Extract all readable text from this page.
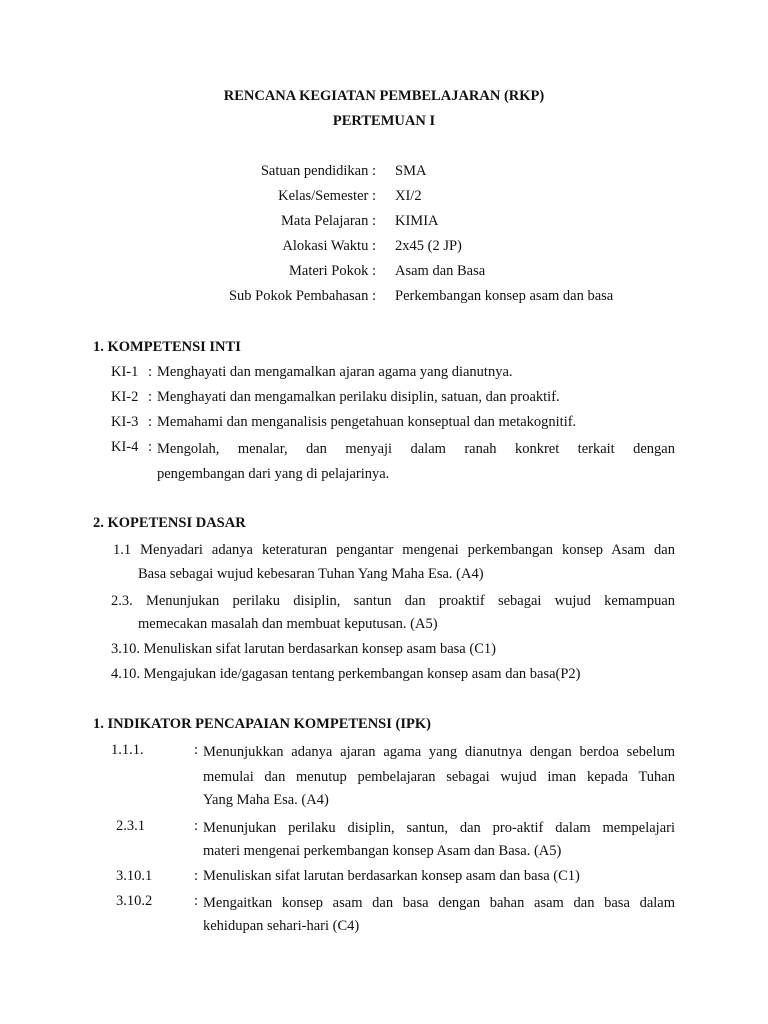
RENCANA KEGIATAN PEMBELAJARAN (RKP)
PERTEMUAN I
Satuan pendidikan : SMA
Kelas/Semester : XI/2
Mata Pelajaran : KIMIA
Alokasi Waktu : 2x45 (2 JP)
Materi Pokok : Asam dan Basa
Sub Pokok Pembahasan : Perkembangan konsep asam dan basa
1. KOMPETENSI INTI
KI-1 : Menghayati dan mengamalkan ajaran agama yang dianutnya.
KI-2 : Menghayati dan mengamalkan perilaku disiplin, satuan, dan proaktif.
KI-3 : Memahami dan menganalisis pengetahuan konseptual dan metakognitif.
KI-4 : Mengolah, menalar, dan menyaji dalam ranah konkret terkait dengan
pengembangan dari yang di pelajarinya.
2. KOPETENSI DASAR
1.1 Menyadari adanya keteraturan pengantar mengenai perkembangan konsep Asam dan
Basa sebagai wujud kebesaran Tuhan Yang Maha Esa. (A4)
2.3. Menunjukan perilaku disiplin, santun dan proaktif sebagai wujud kemampuan
memecakan masalah dan membuat keputusan. (A5)
3.10. Menuliskan sifat larutan berdasarkan konsep asam basa (C1)
4.10. Mengajukan ide/gagasan tentang perkembangan konsep asam dan basa(P2)
1. INDIKATOR PENCAPAIAN KOMPETENSI (IPK)
1.1.1.	: Menunjukkan adanya ajaran agama yang dianutnya dengan berdoa sebelum
memulai dan menutup pembelajaran sebagai wujud iman kepada Tuhan
Yang Maha Esa. (A4)
2.3.1	: Menunjukan perilaku disiplin, santun, dan pro-aktif dalam mempelajari
materi mengenai perkembangan konsep Asam dan Basa. (A5)
3.10.1	: Menuliskan sifat larutan berdasarkan konsep asam dan basa (C1)
3.10.2	: Mengaitkan konsep asam dan basa dengan bahan asam dan basa dalam
kehidupan sehari-hari (C4)
